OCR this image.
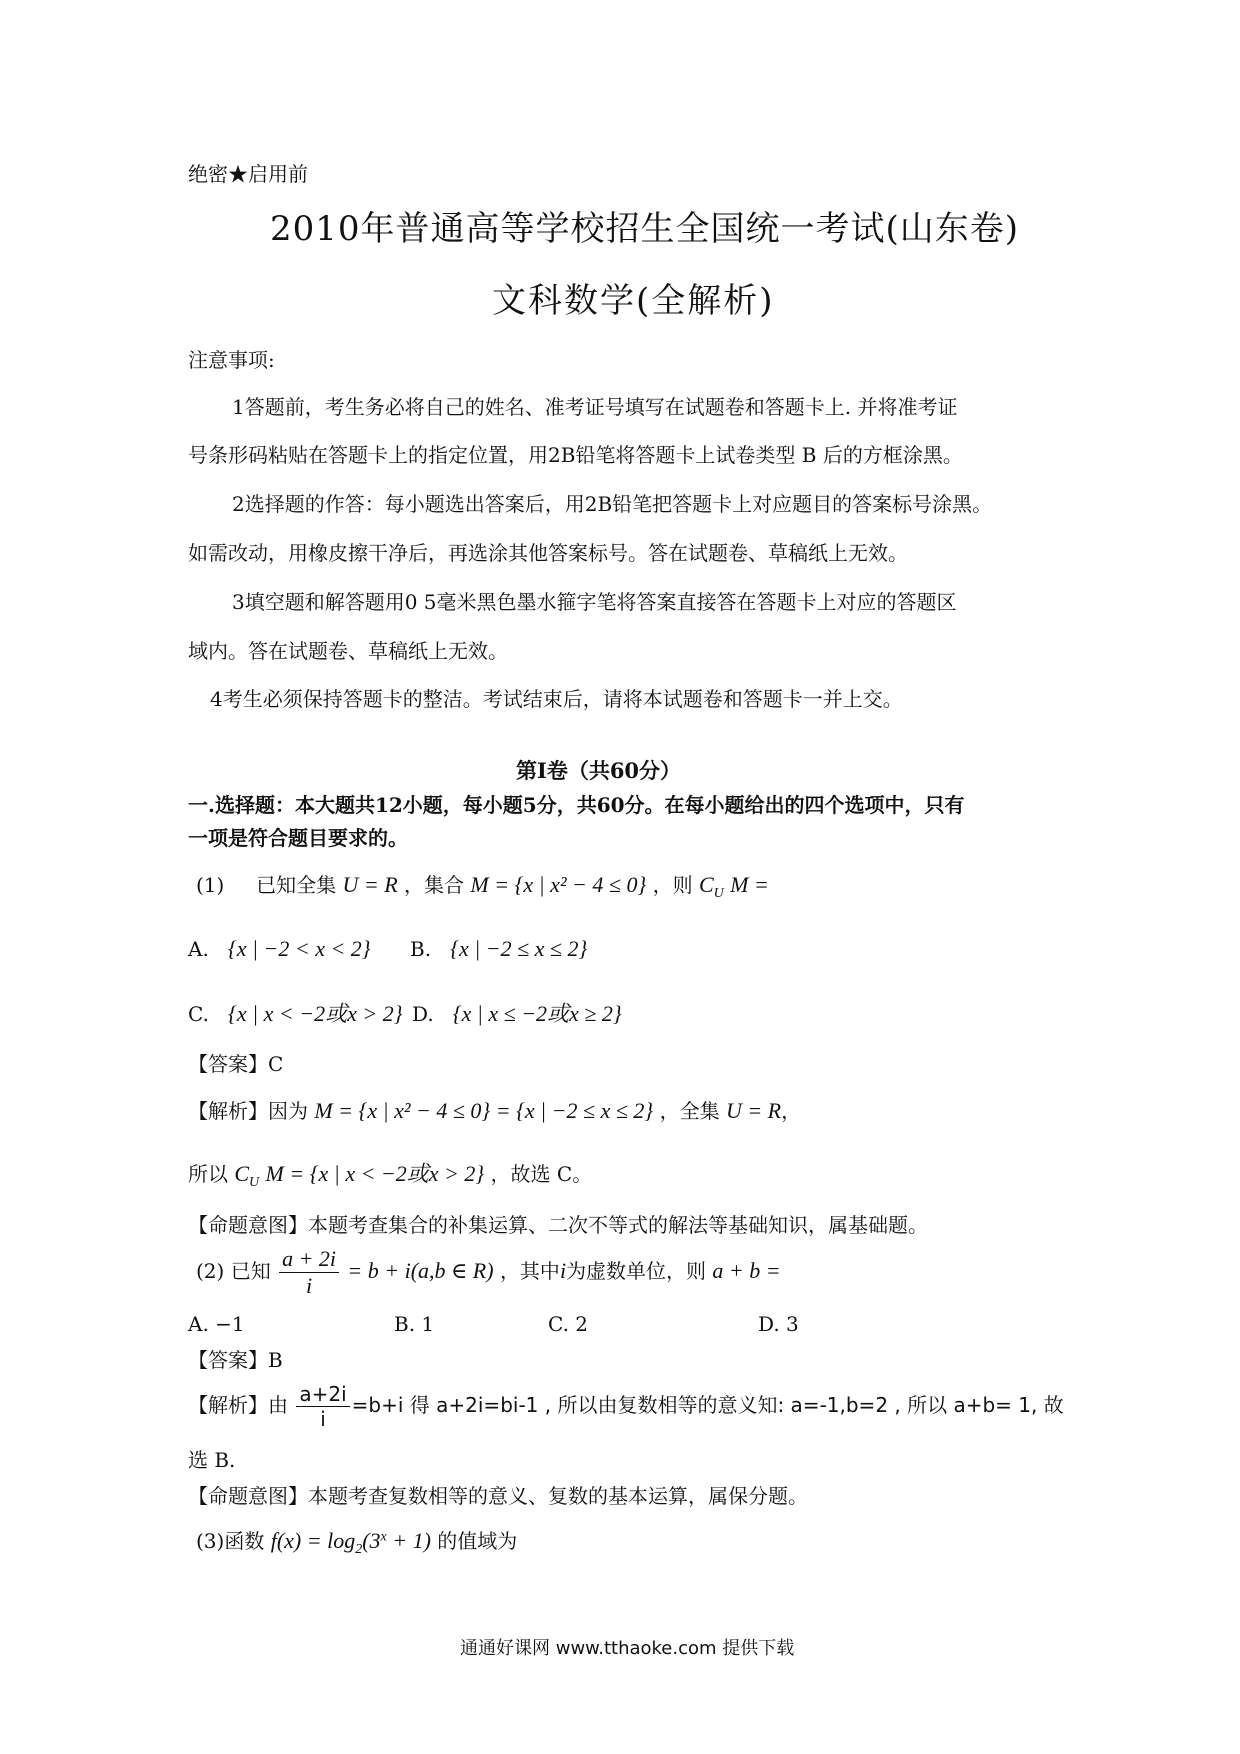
绝密★启用前
2010年普通高等学校招生全国统一考试(山东卷)
文科数学(全解析)
注意事项:
1答题前，考生务必将自己的姓名、准考证号填写在试题卷和答题卡上. 并将准考证
号条形码粘贴在答题卡上的指定位置，用2B铅笔将答题卡上试卷类型 B 后的方框涂黑。
2选择题的作答：每小题选出答案后，用2B铅笔把答题卡上对应题目的答案标号涂黑。
如需改动，用橡皮擦干净后，再选涂其他答案标号。答在试题卷、草稿纸上无效。
3填空题和解答题用0 5毫米黑色墨水箍字笔将答案直接答在答题卡上对应的答题区
域内。答在试题卷、草稿纸上无效。
4考生必须保持答题卡的整洁。考试结束后，请将本试题卷和答题卡一并上交。
第I卷（共60分）
一.选择题：本大题共12小题，每小题5分，共60分。在每小题给出的四个选项中，只有
一项是符合题目要求的。
(1) 已知全集 U = R ，集合 M = {x | x² − 4 ≤ 0} ，则 $C_U$ M =
A. {x | −2 < x < 2} B. {x | −2 ≤ x ≤ 2}
C. {x | x < −2或x > 2} D. {x | x ≤ −2或x ≥ 2}
【答案】C
【解析】因为 M = {x | x² − 4 ≤ 0} = {x | −2 ≤ x ≤ 2} ，全集 U = R，
所以 $C_U$ M = {x | x < −2或x > 2} ，故选 C。
【命题意图】本题考查集合的补集运算、二次不等式的解法等基础知识，属基础题。
(2) 已知 $\frac{a + 2i}{i} = b + i(a,b$ ∈ R) ，其中i为虚数单位，则 a + b =
A. −1	B. 1	C. 2	D. 3
【答案】B
【解析】由 $\frac{a+2i}{i} =b+i$ 得 a+2i=bi-1 , 所以由复数相等的意义知: a=-1,b=2 , 所以 a+b= 1, 故
选 B.
【命题意图】本题考查复数相等的意义、复数的基本运算，属保分题。
(3)函数 $f(x) = \log_2(3^x + 1)$ 的值域为
通通好课网 www.tthaoke.com 提供下载
